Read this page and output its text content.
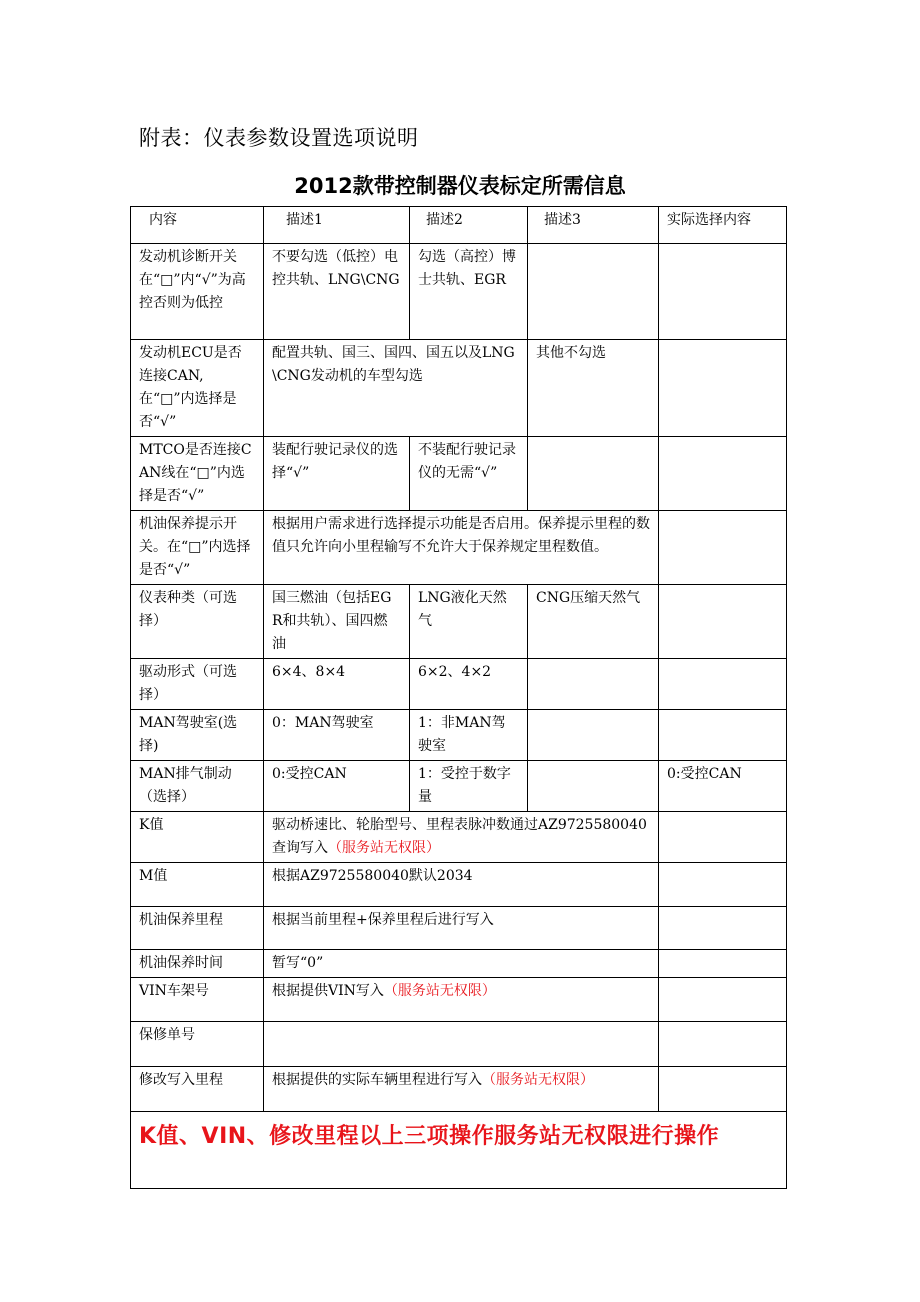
附表：仪表参数设置选项说明
2012款带控制器仪表标定所需信息
内容	描述1	描述2	描述3	实际选择内容
发动机诊断开关在“□”内“√”为高控否则为低控	不要勾选（低控）电控共轨、LNG\CNG	勾选（高控）博士共轨、EGR		
发动机ECU是否连接CAN,在“□”内选择是否“√”	配置共轨、国三、国四、国五以及LNG\CNG发动机的车型勾选		其他不勾选	
MTCO是否连接CAN线在“□”内选择是否“√”	装配行驶记录仪的选择“√”	不装配行驶记录仪的无需“√”		
机油保养提示开关。在“□”内选择是否“√”	根据用户需求进行选择提示功能是否启用。保养提示里程的数值只允许向小里程输写不允许大于保养规定里程数值。			
仪表种类（可选择）	国三燃油（包括EGR和共轨）、国四燃油	LNG液化天然气	CNG压缩天然气	
驱动形式（可选择）	6×4、8×4	6×2、4×2		
MAN驾驶室(选择)	0：MAN驾驶室	1：非MAN驾驶室		
MAN排气制动（选择）	0:受控CAN	1：受控于数字量		0:受控CAN
K值	驱动桥速比、轮胎型号、里程表脉冲数通过AZ9725580040查询写入（服务站无权限）			
M值	根据AZ9725580040默认2034			
机油保养里程	根据当前里程+保养里程后进行写入			
机油保养时间	暂写“0”			
VIN车架号	根据提供VIN写入（服务站无权限）			
保修单号				
修改写入里程	根据提供的实际车辆里程进行写入（服务站无权限）			
K值、VIN、修改里程以上三项操作服务站无权限进行操作				
